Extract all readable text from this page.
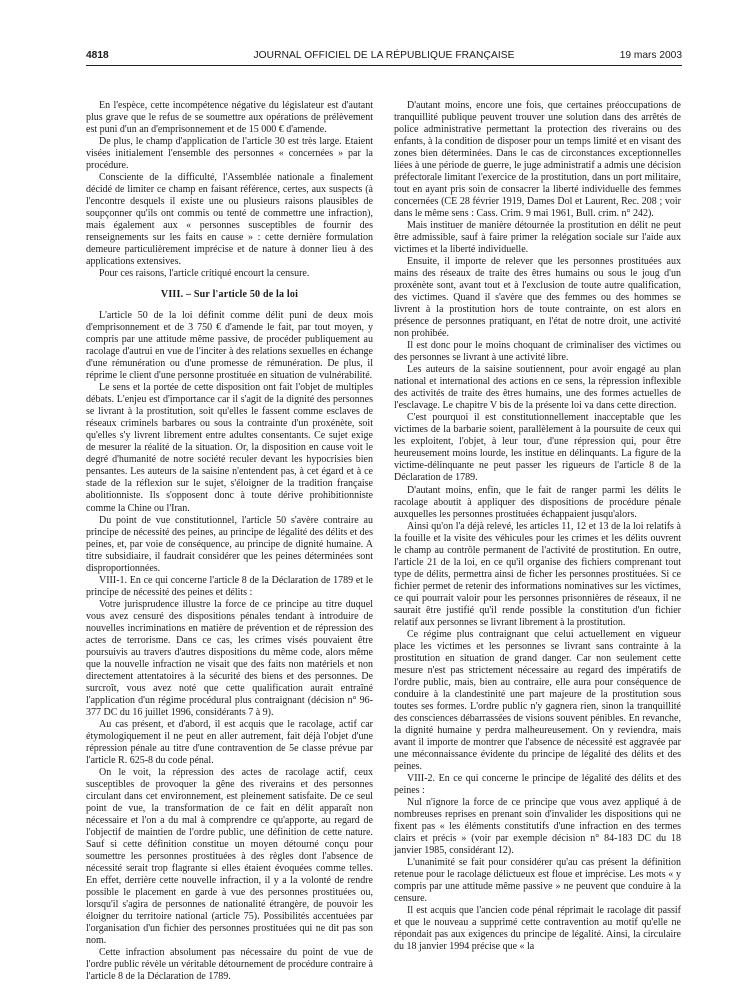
4818	JOURNAL OFFICIEL DE LA RÉPUBLIQUE FRANÇAISE	19 mars 2003

En l'espèce, cette incompétence négative du législateur est d'autant plus grave que le refus de se soumettre aux opérations de prélèvement est puni d'un an d'emprisonnement et de 15 000 € d'amende.

De plus, le champ d'application de l'article 30 est très large. Etaient visées initialement l'ensemble des personnes « concernées » par la procédure.

Consciente de la difficulté, l'Assemblée nationale a finalement décidé de limiter ce champ en faisant référence, certes, aux suspects (à l'encontre desquels il existe une ou plusieurs raisons plausibles de soupçonner qu'ils ont commis ou tenté de commettre une infraction), mais également aux « personnes susceptibles de fournir des renseignements sur les faits en cause » : cette dernière formulation demeure particulièrement imprécise et de nature à donner lieu à des applications extensives.

Pour ces raisons, l'article critiqué encourt la censure.

VIII. – Sur l'article 50 de la loi

L'article 50 de la loi définit comme délit puni de deux mois d'emprisonnement et de 3 750 € d'amende le fait, par tout moyen, y compris par une attitude même passive, de procéder publiquement au racolage d'autrui en vue de l'inciter à des relations sexuelles en échange d'une rémunération ou d'une promesse de rémunération. De plus, il réprime le client d'une personne prostituée en situation de vulnérabilité.

Le sens et la portée de cette disposition ont fait l'objet de multiples débats. L'enjeu est d'importance car il s'agit de la dignité des personnes se livrant à la prostitution, soit qu'elles le fassent comme esclaves de réseaux criminels barbares ou sous la contrainte d'un proxénète, soit qu'elles s'y livrent librement entre adultes consentants. Ce sujet exige de mesurer la réalité de la situation. Or, la disposition en cause voit le degré d'humanité de notre société reculer devant les hypocrisies bien pensantes. Les auteurs de la saisine n'entendent pas, à cet égard et à ce stade de la réflexion sur le sujet, s'éloigner de la tradition française abolitionniste. Ils s'opposent donc à toute dérive prohibitionniste comme la Chine ou l'Iran.

Du point de vue constitutionnel, l'article 50 s'avère contraire au principe de nécessité des peines, au principe de légalité des délits et des peines, et, par voie de conséquence, au principe de dignité humaine. A titre subsidiaire, il faudrait considérer que les peines déterminées sont disproportionnées.

VIII-1. En ce qui concerne l'article 8 de la Déclaration de 1789 et le principe de nécessité des peines et délits :

Votre jurisprudence illustre la force de ce principe au titre duquel vous avez censuré des dispositions pénales tendant à introduire de nouvelles incriminations en matière de prévention et de répression des actes de terrorisme. Dans ce cas, les crimes visés pouvaient être poursuivis au travers d'autres dispositions du même code, alors même que la nouvelle infraction ne visait que des faits non matériels et non directement attentatoires à la sécurité des biens et des personnes. De surcroît, vous avez noté que cette qualification aurait entraîné l'application d'un régime procédural plus contraignant (décision n° 96-377 DC du 16 juillet 1996, considérants 7 à 9).

Au cas présent, et d'abord, il est acquis que le racolage, actif car étymologiquement il ne peut en aller autrement, fait déjà l'objet d'une répression pénale au titre d'une contravention de 5e classe prévue par l'article R. 625-8 du code pénal.

On le voit, la répression des actes de racolage actif, ceux susceptibles de provoquer la gêne des riverains et des personnes circulant dans cet environnement, est pleinement satisfaite. De ce seul point de vue, la transformation de ce fait en délit apparaît non nécessaire et l'on a du mal à comprendre ce qu'apporte, au regard de l'objectif de maintien de l'ordre public, une définition de cette nature. Sauf si cette définition constitue un moyen détourné conçu pour soumettre les personnes prostituées à des règles dont l'absence de nécessité serait trop flagrante si elles étaient évoquées comme telles. En effet, derrière cette nouvelle infraction, il y a la volonté de rendre possible le placement en garde à vue des personnes prostituées ou, lorsqu'il s'agira de personnes de nationalité étrangère, de pouvoir les éloigner du territoire national (article 75). Possibilités accentuées par l'organisation d'un fichier des personnes prostituées qui ne dit pas son nom.

Cette infraction absolument pas nécessaire du point de vue de l'ordre public révèle un véritable détournement de procédure contraire à l'article 8 de la Déclaration de 1789.

D'autant moins, encore une fois, que certaines préoccupations de tranquillité publique peuvent trouver une solution dans des arrêtés de police administrative permettant la protection des riverains ou des enfants, à la condition de disposer pour un temps limité et en visant des zones bien déterminées. Dans le cas de circonstances exceptionnelles liées à une période de guerre, le juge administratif a admis une décision préfectorale limitant l'exercice de la prostitution, dans un port militaire, tout en ayant pris soin de consacrer la liberté individuelle des femmes concernées (CE 28 février 1919, Dames Dol et Laurent, Rec. 208 ; voir dans le même sens : Cass. Crim. 9 mai 1961, Bull. crim. n° 242).

Mais instituer de manière détournée la prostitution en délit ne peut être admissible, sauf à faire primer la relégation sociale sur l'aide aux victimes et la liberté individuelle.

Ensuite, il importe de relever que les personnes prostituées aux mains des réseaux de traite des êtres humains ou sous le joug d'un proxénète sont, avant tout et à l'exclusion de toute autre qualification, des victimes. Quand il s'avère que des femmes ou des hommes se livrent à la prostitution hors de toute contrainte, on est alors en présence de personnes pratiquant, en l'état de notre droit, une activité non prohibée.

Il est donc pour le moins choquant de criminaliser des victimes ou des personnes se livrant à une activité libre.

Les auteurs de la saisine soutiennent, pour avoir engagé au plan national et international des actions en ce sens, la répression inflexible des activités de traite des êtres humains, une des formes actuelles de l'esclavage. Le chapitre V bis de la présente loi va dans cette direction.

C'est pourquoi il est constitutionnellement inacceptable que les victimes de la barbarie soient, parallèlement à la poursuite de ceux qui les exploitent, l'objet, à leur tour, d'une répression qui, pour être heureusement moins lourde, les institue en délinquants. La figure de la victime-délinquante ne peut passer les rigueurs de l'article 8 de la Déclaration de 1789.

D'autant moins, enfin, que le fait de ranger parmi les délits le racolage aboutit à appliquer des dispositions de procédure pénale auxquelles les personnes prostituées échappaient jusqu'alors.

Ainsi qu'on l'a déjà relevé, les articles 11, 12 et 13 de la loi relatifs à la fouille et la visite des véhicules pour les crimes et les délits ouvrent le champ au contrôle permanent de l'activité de prostitution. En outre, l'article 21 de la loi, en ce qu'il organise des fichiers comprenant tout type de délits, permettra ainsi de ficher les personnes prostituées. Si ce fichier permet de retenir des informations nominatives sur les victimes, ce qui pourrait valoir pour les personnes prisonnières de réseaux, il ne saurait être justifié qu'il rende possible la constitution d'un fichier relatif aux personnes se livrant librement à la prostitution.

Ce régime plus contraignant que celui actuellement en vigueur place les victimes et les personnes se livrant sans contrainte à la prostitution en situation de grand danger. Car non seulement cette mesure n'est pas strictement nécessaire au regard des impératifs de l'ordre public, mais, bien au contraire, elle aura pour conséquence de conduire à la clandestinité une part majeure de la prostitution sous toutes ses formes. L'ordre public n'y gagnera rien, sinon la tranquillité des consciences débarrassées de visions souvent pénibles. En revanche, la dignité humaine y perdra malheureusement. On y reviendra, mais avant il importe de montrer que l'absence de nécessité est aggravée par une méconnaissance évidente du principe de légalité des délits et des peines.

VIII-2. En ce qui concerne le principe de légalité des délits et des peines :

Nul n'ignore la force de ce principe que vous avez appliqué à de nombreuses reprises en prenant soin d'invalider les dispositions qui ne fixent pas « les éléments constitutifs d'une infraction en des termes clairs et précis » (voir par exemple décision n° 84-183 DC du 18 janvier 1985, considérant 12).

L'unanimité se fait pour considérer qu'au cas présent la définition retenue pour le racolage délictueux est floue et imprécise. Les mots « y compris par une attitude même passive » ne peuvent que conduire à la censure.

Il est acquis que l'ancien code pénal réprimait le racolage dit passif et que le nouveau a supprimé cette contravention au motif qu'elle ne répondait pas aux exigences du principe de légalité. Ainsi, la circulaire du 18 janvier 1994 précise que « la
